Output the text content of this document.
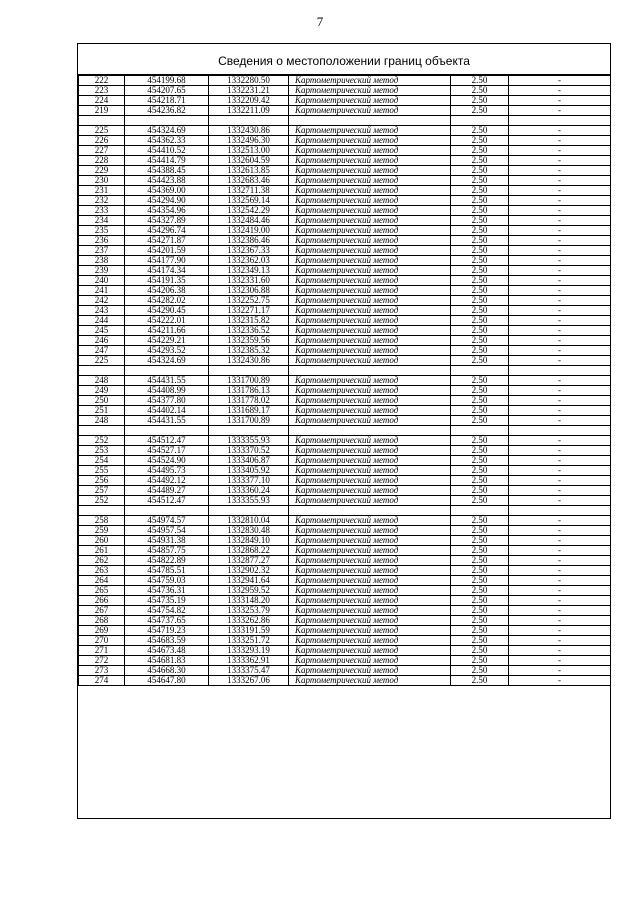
7
Сведения о местоположении границ объекта
222	454199.68	1332280.50	Картометрический метод	2.50	-
223	454207.65	1332231.21	Картометрический метод	2.50	-
224	454218.71	1332209.42	Картометрический метод	2.50	-
219	454236.82	1332211.09	Картометрический метод	2.50	-

225	454324.69	1332430.86	Картометрический метод	2.50	-
226	454362.33	1332496.30	Картометрический метод	2.50	-
227	454410.52	1332513.00	Картометрический метод	2.50	-
228	454414.79	1332604.59	Картометрический метод	2.50	-
229	454388.45	1332613.85	Картометрический метод	2.50	-
230	454423.88	1332683.46	Картометрический метод	2.50	-
231	454369.00	1332711.38	Картометрический метод	2.50	-
232	454294.90	1332569.14	Картометрический метод	2.50	-
233	454354.96	1332542.29	Картометрический метод	2.50	-
234	454327.89	1332484.46	Картометрический метод	2.50	-
235	454296.74	1332419.00	Картометрический метод	2.50	-
236	454271.87	1332386.46	Картометрический метод	2.50	-
237	454201.59	1332367.33	Картометрический метод	2.50	-
238	454177.90	1332362.03	Картометрический метод	2.50	-
239	454174.34	1332349.13	Картометрический метод	2.50	-
240	454191.35	1332331.60	Картометрический метод	2.50	-
241	454206.38	1332306.88	Картометрический метод	2.50	-
242	454282.02	1332252.75	Картометрический метод	2.50	-
243	454290.45	1332271.17	Картометрический метод	2.50	-
244	454222.01	1332315.82	Картометрический метод	2.50	-
245	454211.66	1332336.52	Картометрический метод	2.50	-
246	454229.21	1332359.56	Картометрический метод	2.50	-
247	454293.52	1332385.32	Картометрический метод	2.50	-
225	454324.69	1332430.86	Картометрический метод	2.50	-

248	454431.55	1331700.89	Картометрический метод	2.50	-
249	454408.99	1331786.13	Картометрический метод	2.50	-
250	454377.80	1331778.02	Картометрический метод	2.50	-
251	454402.14	1331689.17	Картометрический метод	2.50	-
248	454431.55	1331700.89	Картометрический метод	2.50	-

252	454512.47	1333355.93	Картометрический метод	2.50	-
253	454527.17	1333370.52	Картометрический метод	2.50	-
254	454524.90	1333406.87	Картометрический метод	2.50	-
255	454495.73	1333405.92	Картометрический метод	2.50	-
256	454492.12	1333377.10	Картометрический метод	2.50	-
257	454489.27	1333360.24	Картометрический метод	2.50	-
252	454512.47	1333355.93	Картометрический метод	2.50	-

258	454974.57	1332810.04	Картометрический метод	2.50	-
259	454957.54	1332830.48	Картометрический метод	2.50	-
260	454931.38	1332849.10	Картометрический метод	2.50	-
261	454857.75	1332868.22	Картометрический метод	2.50	-
262	454822.89	1332877.27	Картометрический метод	2.50	-
263	454785.51	1332902.32	Картометрический метод	2.50	-
264	454759.03	1332941.64	Картометрический метод	2.50	-
265	454736.31	1332959.52	Картометрический метод	2.50	-
266	454735.19	1333148.20	Картометрический метод	2.50	-
267	454754.82	1333253.79	Картометрический метод	2.50	-
268	454737.65	1333262.86	Картометрический метод	2.50	-
269	454719.23	1333191.59	Картометрический метод	2.50	-
270	454683.59	1333251.72	Картометрический метод	2.50	-
271	454673.48	1333293.19	Картометрический метод	2.50	-
272	454681.83	1333362.91	Картометрический метод	2.50	-
273	454668.30	1333375.47	Картометрический метод	2.50	-
274	454647.80	1333267.06	Картометрический метод	2.50	-
